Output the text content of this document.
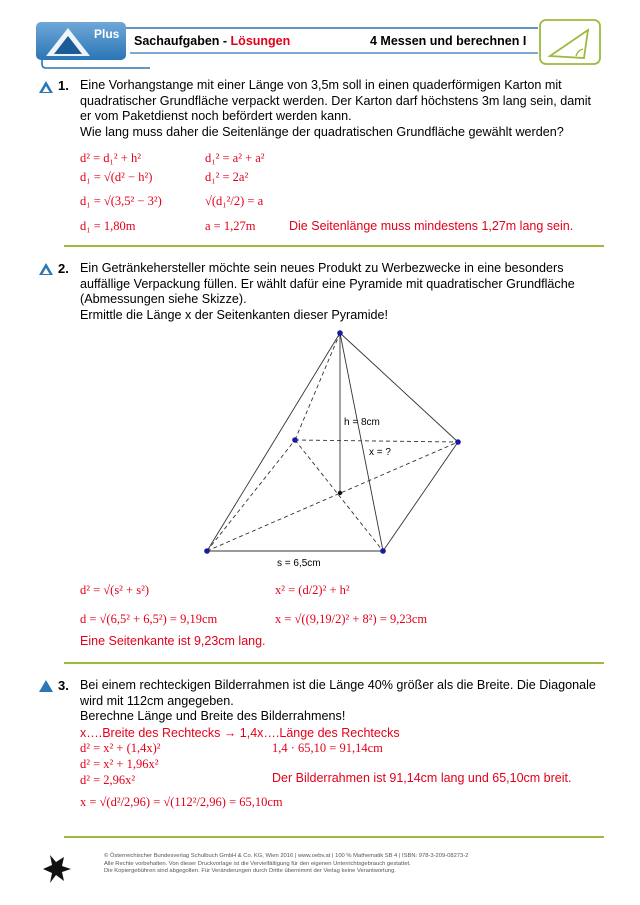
Plus Sachaufgaben - Lösungen	4 Messen und berechnen I
1. Eine Vorhangstange mit einer Länge von 3,5m soll in einen quaderförmigen Karton mit
quadratischer Grundfläche verpackt werden. Der Karton darf höchstens 3m lang sein, damit
er vom Paketdienst noch befördert werden kann.
Wie lang muss daher die Seitenlänge der quadratischen Grundfläche gewählt werden?
d² = d₁² + h²
d₁ = √(d² − h²)
d₁ = √(3,5² − 3²)
d₁ = 1,80m
d₁² = a² + a²
d₁² = 2a²
√(d₁²/2) = a
a = 1,27m	Die Seitenlänge muss mindestens 1,27m lang sein.
2. Ein Getränkehersteller möchte sein neues Produkt zu Werbezwecke in eine besonders
auffällige Verpackung füllen. Er wählt dafür eine Pyramide mit quadratischer Grundfläche
(Abmessungen siehe Skizze).
Ermittle die Länge x der Seitenkanten dieser Pyramide!
h = 8cm
x = ?
s = 6,5cm
d² = √(s² + s²)
d = √(6,5² + 6,5²) = 9,19cm
x² = (d/2)² + h²
x = √((9,19/2)² + 8²) = 9,23cm
Eine Seitenkante ist 9,23cm lang.
3. Bei einem rechteckigen Bilderrahmen ist die Länge 40% größer als die Breite. Die Diagonale
wird mit 112cm angegeben.
Berechne Länge und Breite des Bilderrahmens!
x….Breite des Rechtecks → 1,4x….Länge des Rechtecks
d² = x² + (1,4x)²
d² = x² + 1,96x²
d² = 2,96x²
x = √(d²/2,96) = √(112²/2,96) = 65,10cm
1,4 · 65,10 = 91,14cm
Der Bilderrahmen ist 91,14cm lang und 65,10cm breit.
© Österreichischer Bundesverlag Schulbuch GmbH & Co. KG, Wien 2016 | www.oebv.at | 100 % Mathematik SB 4 | ISBN: 978-3-209-08273-2
Alle Rechte vorbehalten. Von dieser Druckvorlage ist die Vervielfältigung für den eigenen Unterrichtsgebrauch gestattet.
Die Kopiergebühren sind abgegolten. Für Veränderungen durch Dritte übernimmt der Verlag keine Verantwortung.
